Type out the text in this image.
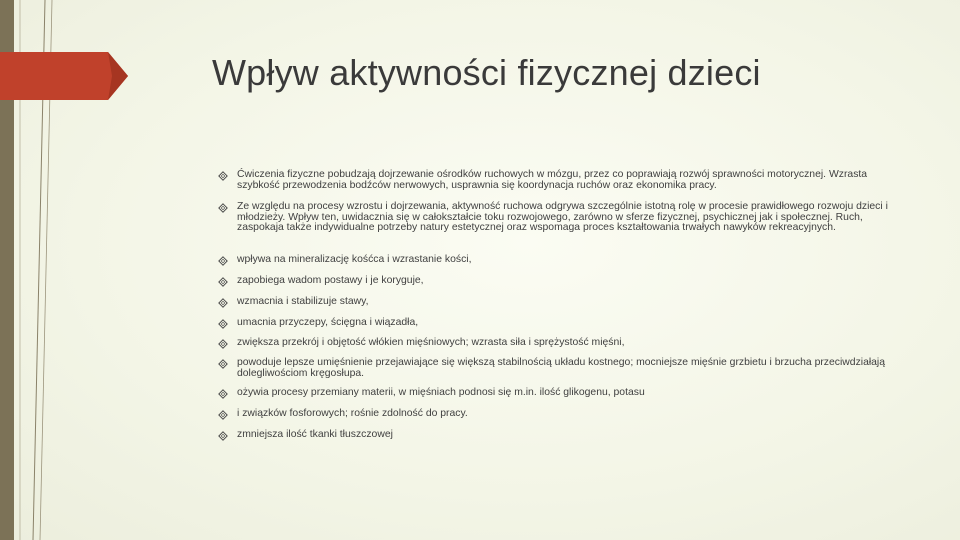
Wpływ aktywności fizycznej dzieci
Ćwiczenia fizyczne pobudzają dojrzewanie ośrodków ruchowych w mózgu, przez co poprawiają rozwój sprawności motorycznej. Wzrasta szybkość przewodzenia bodźców nerwowych, usprawnia się koordynacja ruchów oraz ekonomika pracy.
Ze względu na procesy wzrostu i dojrzewania, aktywność ruchowa odgrywa szczególnie istotną rolę w procesie prawidłowego rozwoju dzieci i młodzieży. Wpływ ten, uwidacznia się w całokształcie toku rozwojowego, zarówno w sferze fizycznej, psychicznej jak i społecznej. Ruch, zaspokaja także indywidualne potrzeby natury estetycznej oraz wspomaga proces kształtowania trwałych nawyków rekreacyjnych.
wpływa na mineralizację kośćca i wzrastanie kości,
zapobiega wadom postawy i je koryguje,
wzmacnia i stabilizuje stawy,
umacnia przyczepy, ścięgna i wiązadła,
zwiększa przekrój i objętość włókien mięśniowych; wzrasta siła i sprężystość mięśni,
powoduje lepsze umięśnienie przejawiające się większą stabilnością układu kostnego; mocniejsze mięśnie grzbietu i brzucha przeciwdziałają dolegliwościom kręgosłupa.
ożywia procesy przemiany materii, w mięśniach podnosi się m.in. ilość glikogenu, potasu
i związków fosforowych; rośnie zdolność do pracy.
zmniejsza ilość tkanki tłuszczowej
